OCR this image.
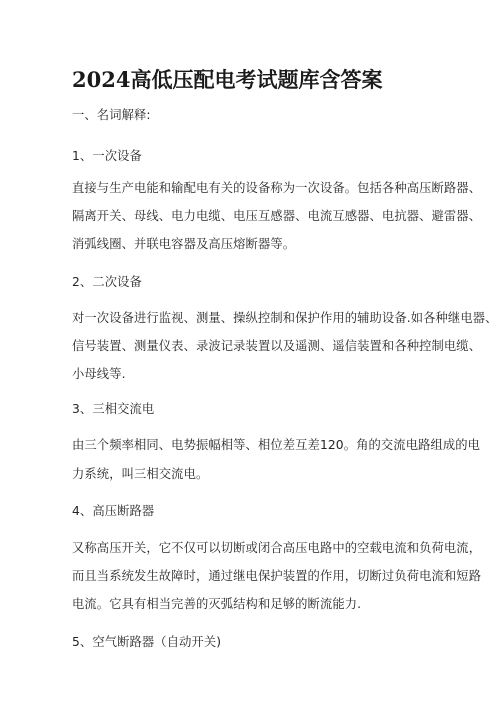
2024高低压配电考试题库含答案

一、名词解释:

1、一次设备

直接与生产电能和输配电有关的设备称为一次设备。包括各种高压断路器、

隔离开关、母线、电力电缆、电压互感器、电流互感器、电抗器、避雷器、

消弧线圈、并联电容器及高压熔断器等。

2、二次设备

对一次设备进行监视、测量、操纵控制和保护作用的辅助设备.如各种继电器、

信号装置、测量仪表、录波记录装置以及遥测、遥信装置和各种控制电缆、

小母线等.

3、三相交流电

由三个频率相同、电势振幅相等、相位差互差120。角的交流电路组成的电

力系统，叫三相交流电。

4、高压断路器

又称高压开关，它不仅可以切断或闭合高压电路中的空载电流和负荷电流，

而且当系统发生故障时，通过继电保护装置的作用，切断过负荷电流和短路

电流。它具有相当完善的灭弧结构和足够的断流能力.

5、空气断路器（自动开关)
